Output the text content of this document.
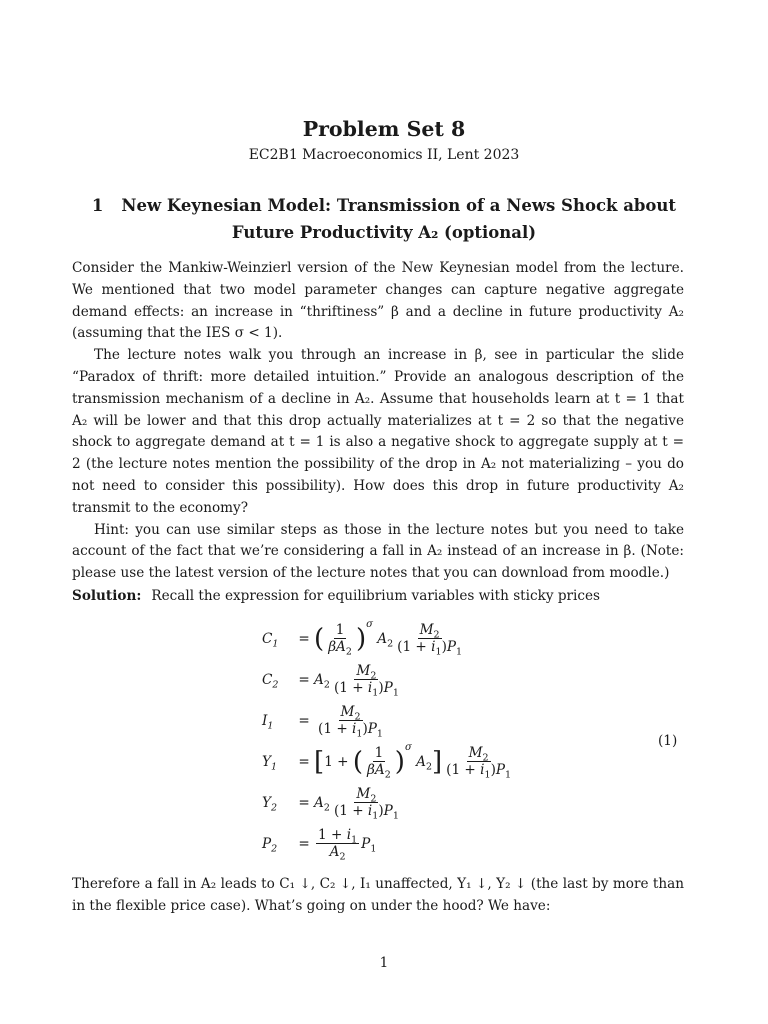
Problem Set 8
EC2B1 Macroeconomics II, Lent 2023
1 New Keynesian Model: Transmission of a News Shock about
Future Productivity A₂ (optional)

Consider the Mankiw-Weinzierl version of the New Keynesian model from the lecture. We mentioned that two model parameter changes can capture negative aggregate demand effects: an increase in “thriftiness” β and a decline in future productivity A₂ (assuming that the IES σ < 1).

The lecture notes walk you through an increase in β, see in particular the slide “Paradox of thrift: more detailed intuition.” Provide an analogous description of the transmission mechanism of a decline in A₂. Assume that households learn at t = 1 that A₂ will be lower and that this drop actually materializes at t = 2 so that the negative shock to aggregate demand at t = 1 is also a negative shock to aggregate supply at t = 2 (the lecture notes mention the possibility of the drop in A₂ not materializing – you do not need to consider this possibility). How does this drop in future productivity A₂ transmit to the economy?

Hint: you can use similar steps as those in the lecture notes but you need to take account of the fact that we’re considering a fall in A₂ instead of an increase in β. (Note: please use the latest version of the lecture notes that you can download from moodle.)

Solution: Recall the expression for equilibrium variables with sticky prices

$C_1$	= ( $\frac{1}{\beta A_2}$ ) σ
$A_2 \frac{M_2}{(1 + i_1)P_1}$
$C_2$	= $A_2 \frac{M_2}{(1 + i_1)P_1}$
$I_1$	= $\frac{M_2}{(1 + i_1)P_1}$
$Y_1$	= [ 1 + ( $\frac{1}{\beta A_2}$ ) σ
$A_2$ ] $\frac{M_2}{(1 + i_1)P_1}$
$Y_2$	= $A_2 \frac{M_2}{(1 + i_1)P_1}$
$P_2$	= $\frac{1 + i_1}{A_2} P_1$
(1)

Therefore a fall in A₂ leads to C₁ ↓, C₂ ↓, I₁ unaffected, Y₁ ↓, Y₂ ↓ (the last by more than in the flexible price case). What’s going on under the hood? We have:

1
